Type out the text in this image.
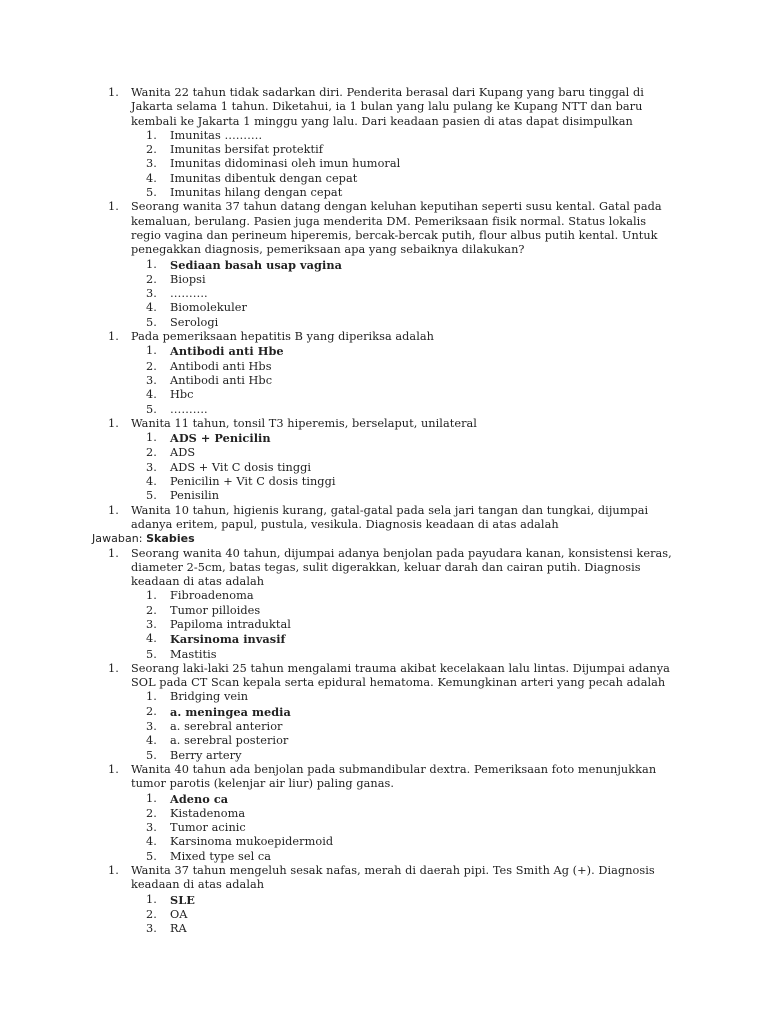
1. Wanita 22 tahun tidak sadarkan diri. Penderita berasal dari Kupang yang baru tinggal di Jakarta selama 1 tahun. Diketahui, ia 1 bulan yang lalu pulang ke Kupang NTT dan baru kembali ke Jakarta 1 minggu yang lalu. Dari keadaan pasien di atas dapat disimpulkan
1. Imunitas ……….
2. Imunitas bersifat protektif
3. Imunitas didominasi oleh imun humoral
4. Imunitas dibentuk dengan cepat
5. Imunitas hilang dengan cepat
1. Seorang wanita 37 tahun datang dengan keluhan keputihan seperti susu kental. Gatal pada kemaluan, berulang. Pasien juga menderita DM. Pemeriksaan fisik normal. Status lokalis regio vagina dan perineum hiperemis, bercak-bercak putih, flour albus putih kental. Untuk penegakkan diagnosis, pemeriksaan apa yang sebaiknya dilakukan?
1. Sediaan basah usap vagina
2. Biopsi
3. ……….
4. Biomolekuler
5. Serologi
1. Pada pemeriksaan hepatitis B yang diperiksa adalah
1. Antibodi anti Hbe
2. Antibodi anti Hbs
3. Antibodi anti Hbc
4. Hbc
5. ……….
1. Wanita 11 tahun, tonsil T3 hiperemis, berselaput, unilateral
1. ADS + Penicilin
2. ADS
3. ADS + Vit C dosis tinggi
4. Penicilin + Vit C dosis tinggi
5. Penisilin
1. Wanita 10 tahun, higienis kurang, gatal-gatal pada sela jari tangan dan tungkai, dijumpai adanya eritem, papul, pustula, vesikula. Diagnosis keadaan di atas adalah
Jawaban: Skabies
1. Seorang wanita 40 tahun, dijumpai adanya benjolan pada payudara kanan, konsistensi keras, diameter 2-5cm, batas tegas, sulit digerakkan, keluar darah dan cairan putih. Diagnosis keadaan di atas adalah
1. Fibroadenoma
2. Tumor pilloides
3. Papiloma intraduktal
4. Karsinoma invasif
5. Mastitis
1. Seorang laki-laki 25 tahun mengalami trauma akibat kecelakaan lalu lintas. Dijumpai adanya SOL pada CT Scan kepala serta epidural hematoma. Kemungkinan arteri yang pecah adalah
1. Bridging vein
2. a. meningea media
3. a. serebral anterior
4. a. serebral posterior
5. Berry artery
1. Wanita 40 tahun ada benjolan pada submandibular dextra. Pemeriksaan foto menunjukkan tumor parotis (kelenjar air liur) paling ganas.
1. Adeno ca
2. Kistadenoma
3. Tumor acinic
4. Karsinoma mukoepidermoid
5. Mixed type sel ca
1. Wanita 37 tahun mengeluh sesak nafas, merah di daerah pipi. Tes Smith Ag (+). Diagnosis keadaan di atas adalah
1. SLE
2. OA
3. RA
